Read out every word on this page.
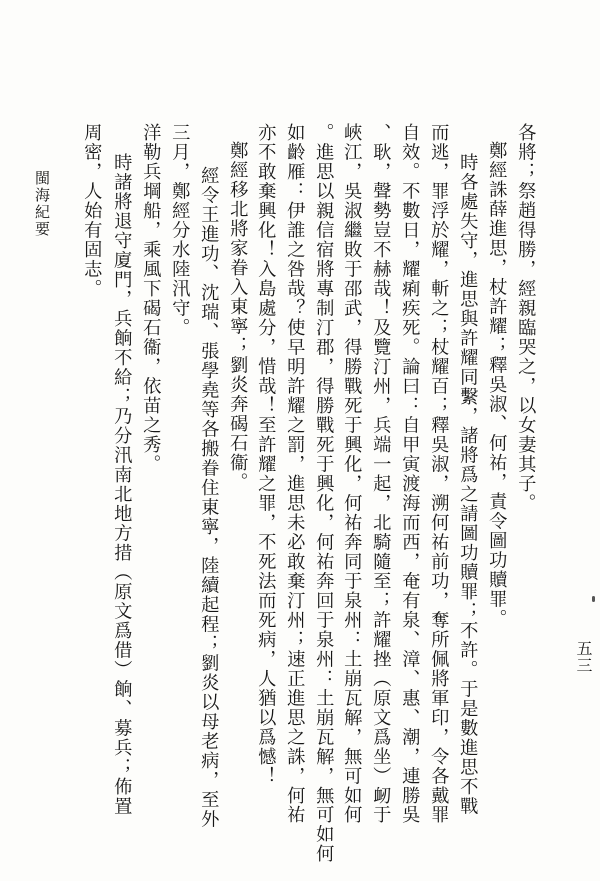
閩海紀要 周密，人始有固志。 時諸將退守廈門，兵餉不給；乃分汛南北地方措（原文爲借）餉、募兵；佈置 洋勒兵堈船，乘風下碣石衞，依苗之秀。 三月，鄭經分水陸汛守。 經令王進功、沈瑞、張學堯等各搬眷住東寧，陸續起程；劉炎以母老病，至外 鄭經移北將家眷入東寧；劉炎奔碣石衞。 亦不敢棄興化！入島處分，惜哉！至許耀之罪，不死法而死病，人猶以爲憾！ 如齡雁：伊誰之咎哉？使早明許耀之罰，進思未必敢棄汀州；速正進思之誅，何祐 。進思以親信宿將專制汀郡，得勝戰死于興化，何祐奔回于泉州：土崩瓦解，無可如何 峽江，吳淑繼敗于邵武，得勝戰死于興化，何祐奔同于泉州：土崩瓦解，無可如何 、耿，聲勢豈不赫哉！及覽汀州，兵端一起，北騎隨至；許耀挫（原文爲坐）衂于 自效。不數日，耀痢疾死。論曰：自甲寅渡海而西，奄有泉、漳、惠、潮，連勝吳 而逃，罪浮於耀，斬之；杖耀百；釋吳淑，溯何祐前功，奪所佩將軍印，令各戴罪 時各處失守，進思與許耀同繫，諸將爲之請圖功贖罪；不許。于是數進思不戰 鄭經誅薛進思，杖許耀；釋吳淑、何祐，責令圖功贖罪。 各將；祭趙得勝，經親臨哭之，以女妻其子。
五三
